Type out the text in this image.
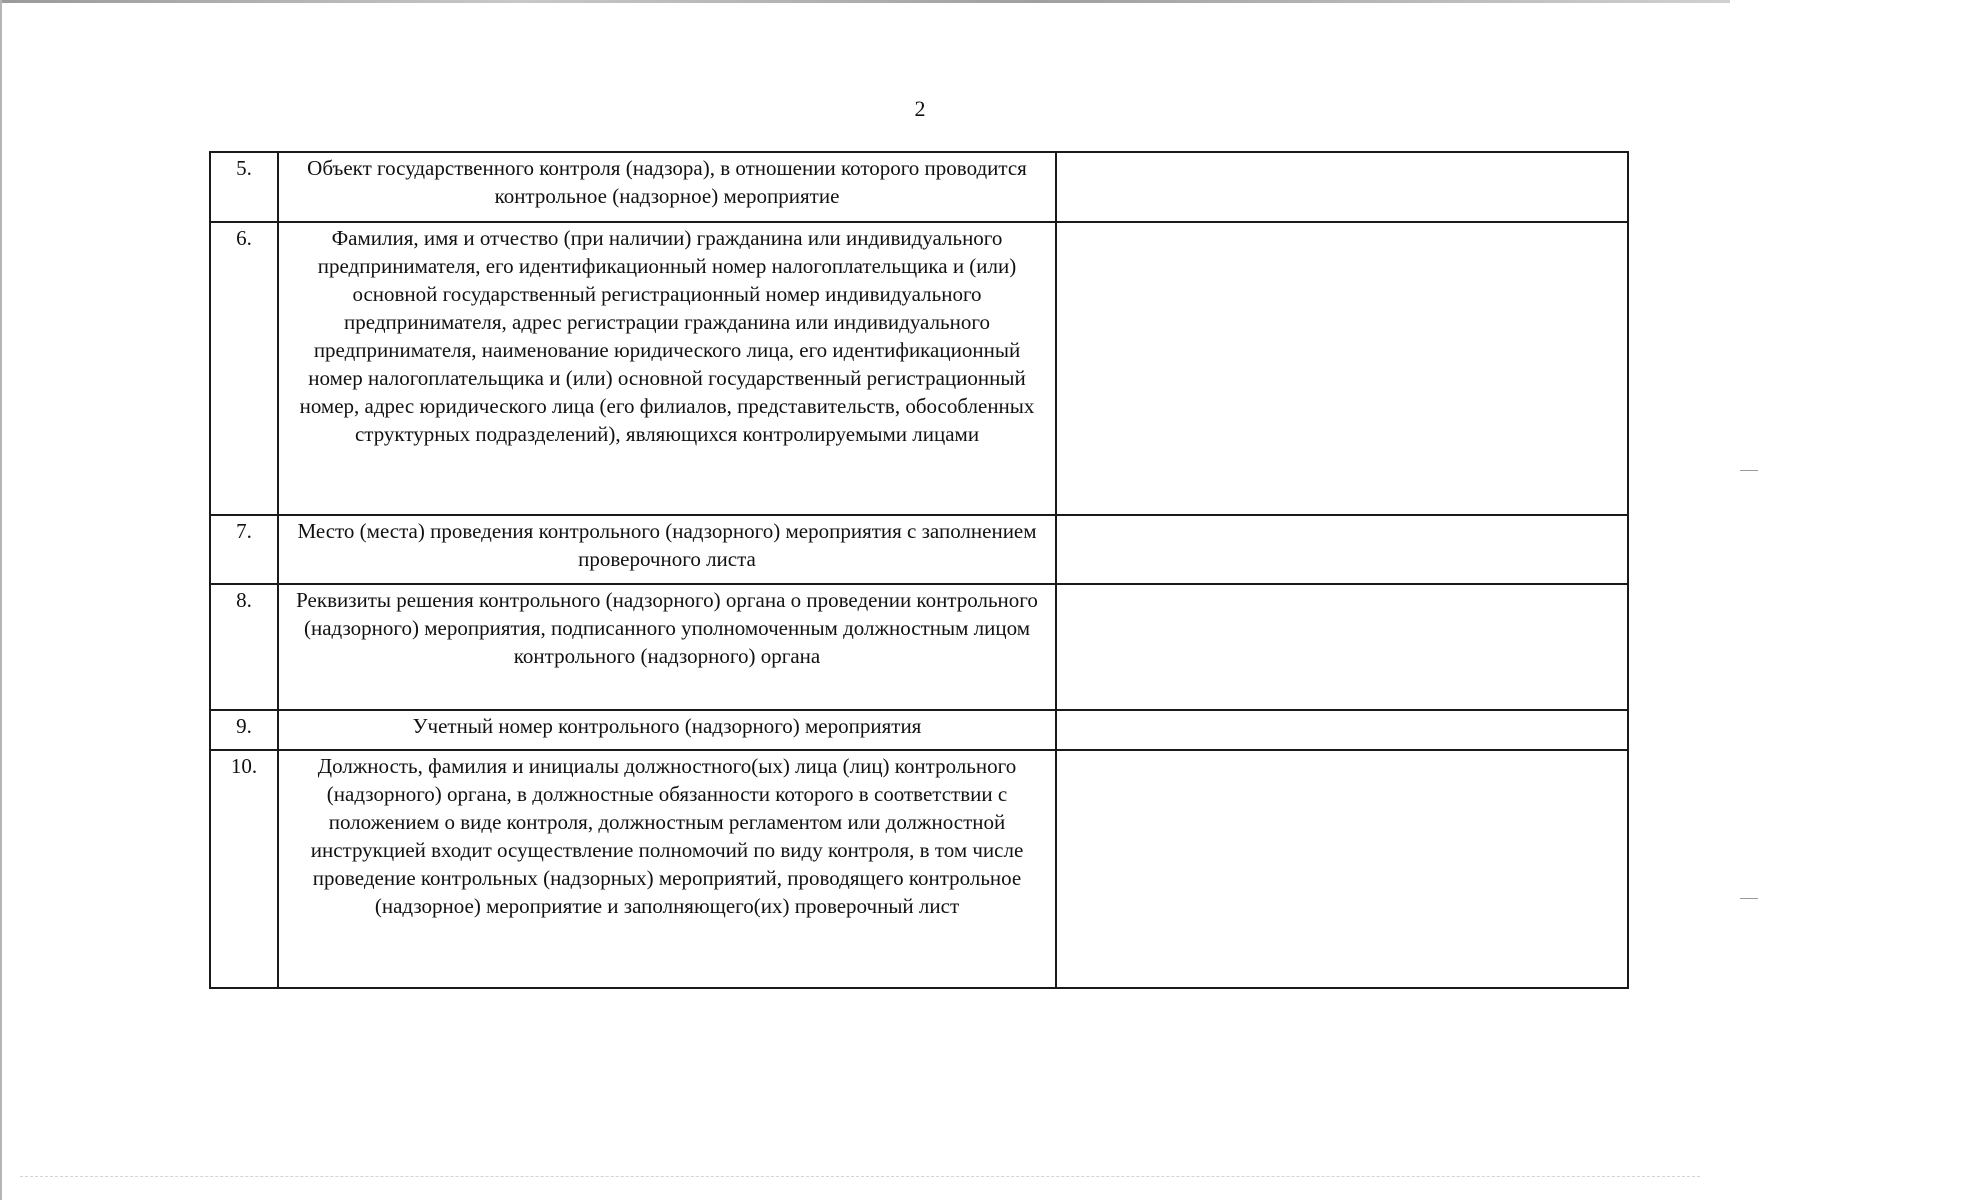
2
5.	Объект государственного контроля (надзора), в отношении которого проводится контрольное (надзорное) мероприятие	
6.	Фамилия, имя и отчество (при наличии) гражданина или индивидуального предпринимателя, его идентификационный номер налогоплательщика и (или) основной государственный регистрационный номер индивидуального предпринимателя, адрес регистрации гражданина или индивидуального предпринимателя, наименование юридического лица, его идентификационный номер налогоплательщика и (или) основной государственный регистрационный номер, адрес юридического лица (его филиалов, представительств, обособленных структурных подразделений), являющихся контролируемыми лицами	
7.	Место (места) проведения контрольного (надзорного) мероприятия с заполнением проверочного листа	
8.	Реквизиты решения контрольного (надзорного) органа о проведении контрольного (надзорного) мероприятия, подписанного уполномоченным должностным лицом контрольного (надзорного) органа	
9.	Учетный номер контрольного (надзорного) мероприятия	
10.	Должность, фамилия и инициалы должностного(ых) лица (лиц) контрольного (надзорного) органа, в должностные обязанности которого в соответствии с положением о виде контроля, должностным регламентом или должностной инструкцией входит осуществление полномочий по виду контроля, в том числе проведение контрольных (надзорных) мероприятий, проводящего контрольное (надзорное) мероприятие и заполняющего(их) проверочный лист	
